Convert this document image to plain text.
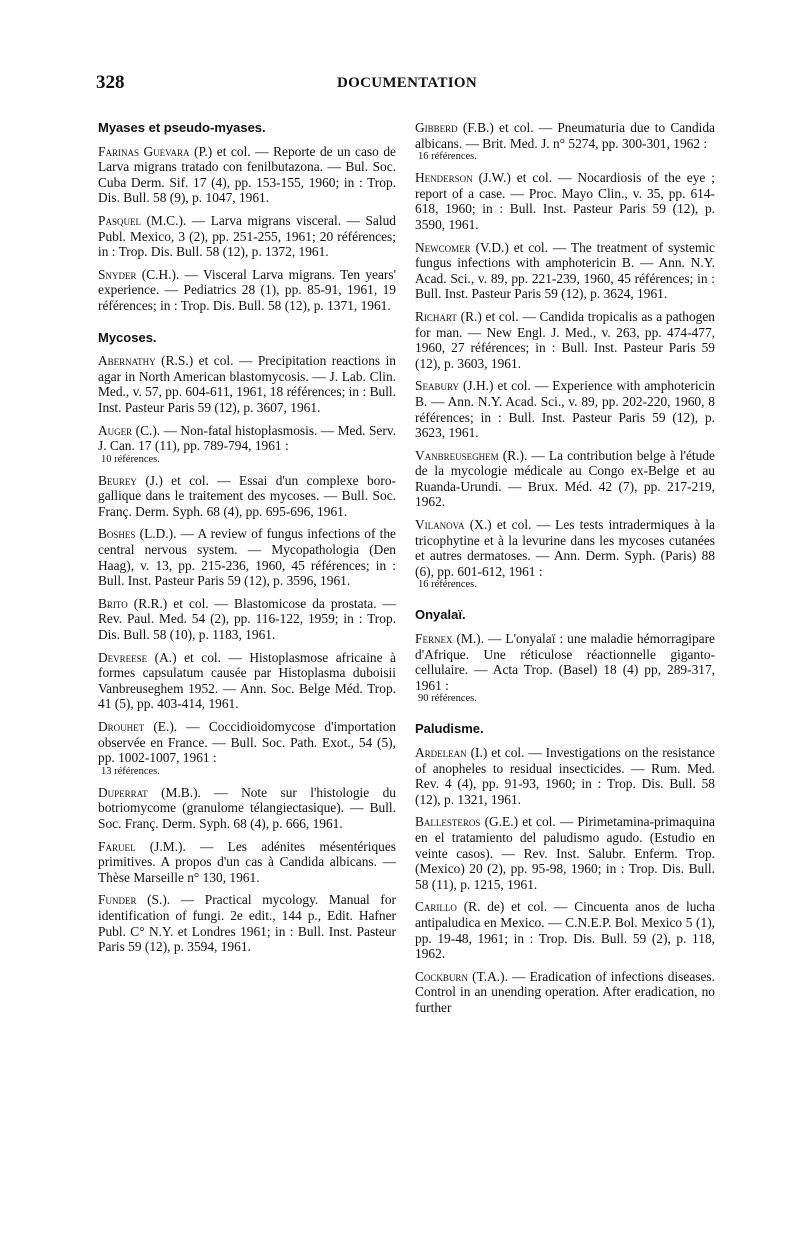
328	DOCUMENTATION
Myases et pseudo-myases.
Farinas Guevara (P.) et col. — Reporte de un caso de Larva migrans tratado con fenilbutazona. — Bul. Soc. Cuba Derm. Sif. 17 (4), pp. 153-155, 1960; in : Trop. Dis. Bull. 58 (9), p. 1047, 1961.
Pasquel (M.C.). — Larva migrans visceral. — Salud Publ. Mexico, 3 (2), pp. 251-255, 1961; 20 références; in : Trop. Dis. Bull. 58 (12), p. 1372, 1961.
Snyder (C.H.). — Visceral Larva migrans. Ten years' experience. — Pediatrics 28 (1), pp. 85-91, 1961, 19 références; in : Trop. Dis. Bull. 58 (12), p. 1371, 1961.
Mycoses.
Abernathy (R.S.) et col. — Precipitation reactions in agar in North American blastomycosis. — J. Lab. Clin. Med., v. 57, pp. 604-611, 1961, 18 références; in : Bull. Inst. Pasteur Paris 59 (12), p. 3607, 1961.
Auger (C.). — Non-fatal histoplasmosis. — Med. Serv. J. Can. 17 (11), pp. 789-794, 1961 :
10 références.
Beurey (J.) et col. — Essai d'un complexe boro-gallique dans le traitement des mycoses. — Bull. Soc. Franç. Derm. Syph. 68 (4), pp. 695-696, 1961.
Boshes (L.D.). — A review of fungus infections of the central nervous system. — Mycopathologia (Den Haag), v. 13, pp. 215-236, 1960, 45 références; in : Bull. Inst. Pasteur Paris 59 (12), p. 3596, 1961.
Brito (R.R.) et col. — Blastomicose da prostata. — Rev. Paul. Med. 54 (2), pp. 116-122, 1959; in : Trop. Dis. Bull. 58 (10), p. 1183, 1961.
Devreese (A.) et col. — Histoplasmose africaine à formes capsulatum causée par Histoplasma duboisii Vanbreuseghem 1952. — Ann. Soc. Belge Méd. Trop. 41 (5), pp. 403-414, 1961.
Drouhet (E.). — Coccidioidomycose d'importation observée en France. — Bull. Soc. Path. Exot., 54 (5), pp. 1002-1007, 1961 :
13 références.
Duperrat (M.B.). — Note sur l'histologie du botriomycome (granulome télangiectasique). — Bull. Soc. Franç. Derm. Syph. 68 (4), p. 666, 1961.
Faruel (J.M.). — Les adénites mésentériques primitives. A propos d'un cas à Candida albicans. — Thèse Marseille n° 130, 1961.
Funder (S.). — Practical mycology. Manual for identification of fungi. 2e edit., 144 p., Edit. Hafner Publ. C° N.Y. et Londres 1961; in : Bull. Inst. Pasteur Paris 59 (12), p. 3594, 1961.
Gibberd (F.B.) et col. — Pneumaturia due to Candida albicans. — Brit. Med. J. n° 5274, pp. 300-301, 1962 :
16 références.
Henderson (J.W.) et col. — Nocardiosis of the eye ; report of a case. — Proc. Mayo Clin., v. 35, pp. 614-618, 1960; in : Bull. Inst. Pasteur Paris 59 (12), p. 3590, 1961.
Newcomer (V.D.) et col. — The treatment of systemic fungus infections with amphotericin B. — Ann. N.Y. Acad. Sci., v. 89, pp. 221-239, 1960, 45 références; in : Bull. Inst. Pasteur Paris 59 (12), p. 3624, 1961.
Richart (R.) et col. — Candida tropicalis as a pathogen for man. — New Engl. J. Med., v. 263, pp. 474-477, 1960, 27 références; in : Bull. Inst. Pasteur Paris 59 (12), p. 3603, 1961.
Seabury (J.H.) et col. — Experience with amphotericin B. — Ann. N.Y. Acad. Sci., v. 89, pp. 202-220, 1960, 8 références; in : Bull. Inst. Pasteur Paris 59 (12), p. 3623, 1961.
Vanbreuseghem (R.). — La contribution belge à l'étude de la mycologie médicale au Congo ex-Belge et au Ruanda-Urundi. — Brux. Méd. 42 (7), pp. 217-219, 1962.
Vilanova (X.) et col. — Les tests intradermiques à la tricophytine et à la levurine dans les mycoses cutanées et autres dermatoses. — Ann. Derm. Syph. (Paris) 88 (6), pp. 601-612, 1961 :
16 références.
Onyalaï.
Fernex (M.). — L'onyalaï : une maladie hémorragipare d'Afrique. Une réticulose réactionnelle giganto-cellulaire. — Acta Trop. (Basel) 18 (4) pp, 289-317, 1961 :
90 références.
Paludisme.
Ardelean (I.) et col. — Investigations on the resistance of anopheles to residual insecticides. — Rum. Med. Rev. 4 (4), pp. 91-93, 1960; in : Trop. Dis. Bull. 58 (12), p. 1321, 1961.
Ballesteros (G.E.) et col. — Pirimetamina-primaquina en el tratamiento del paludismo agudo. (Estudio en veinte casos). — Rev. Inst. Salubr. Enferm. Trop. (Mexico) 20 (2), pp. 95-98, 1960; in : Trop. Dis. Bull. 58 (11), p. 1215, 1961.
Carillo (R. de) et col. — Cincuenta anos de lucha antipaludica en Mexico. — C.N.E.P. Bol. Mexico 5 (1), pp. 19-48, 1961; in : Trop. Dis. Bull. 59 (2), p. 118, 1962.
Cockburn (T.A.). — Eradication of infections diseases. Control in an unending operation. After eradication, no further
